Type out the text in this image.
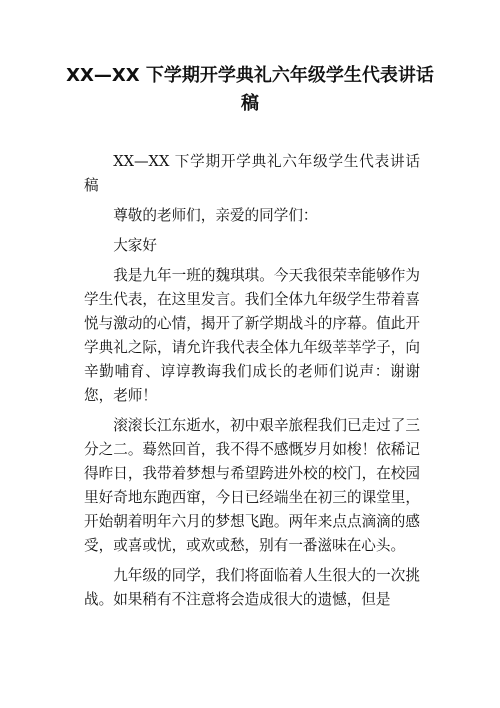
XX—XX 下学期开学典礼六年级学生代表讲话稿

XX—XX 下学期开学典礼六年级学生代表讲话稿

尊敬的老师们，亲爱的同学们：

大家好

我是九年一班的魏琪琪。今天我很荣幸能够作为学生代表，在这里发言。我们全体九年级学生带着喜悦与激动的心情，揭开了新学期战斗的序幕。值此开学典礼之际，请允许我代表全体九年级莘莘学子，向辛勤哺育、谆谆教诲我们成长的老师们说声：谢谢您，老师！

滚滚长江东逝水，初中艰辛旅程我们已走过了三分之二。蓦然回首，我不得不感慨岁月如梭！依稀记得昨日，我带着梦想与希望跨进外校的校门，在校园里好奇地东跑西窜，今日已经端坐在初三的课堂里，开始朝着明年六月的梦想飞跑。两年来点点滴滴的感受，或喜或忧，或欢或愁，别有一番滋味在心头。

九年级的同学，我们将面临着人生很大的一次挑战。如果稍有不注意将会造成很大的遗憾，但是
